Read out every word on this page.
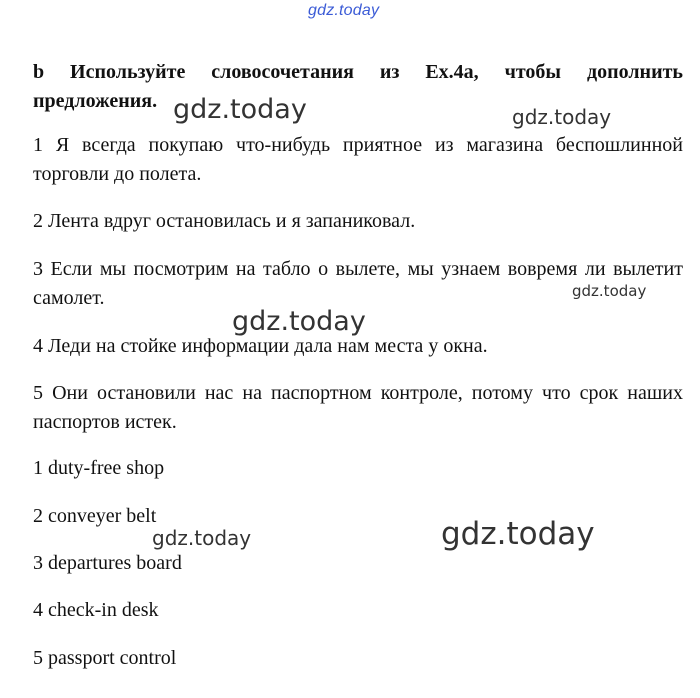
gdz.today
b Используйте словосочетания из Ex.4a, чтобы дополнить предложения.
1 Я всегда покупаю что-нибудь приятное из магазина беспошлинной торговли до полета.
2 Лента вдруг остановилась и я запаниковал.
3 Если мы посмотрим на табло о вылете, мы узнаем вовремя ли вылетит самолет.
4 Леди на стойке информации дала нам места у окна.
5 Они остановили нас на паспортном контроле, потому что срок наших паспортов истек.
1 duty-free shop
2 conveyer belt
3 departures board
4 check-in desk
5 passport control
gdz.today	gdz.today
gdz.today
gdz.today
gdz.today	gdz.today
